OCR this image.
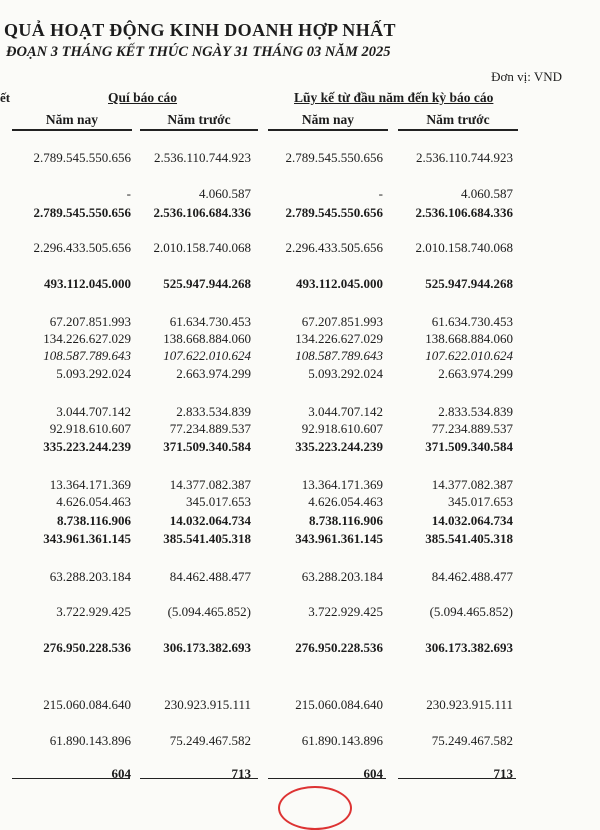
QUẢ HOẠT ĐỘNG KINH DOANH HỢP NHẤT
ĐOẠN 3 THÁNG KẾT THÚC NGÀY 31 THÁNG 03 NĂM 2025
Đơn vị: VND
ết	Quí báo cáo	Lũy kế từ đầu năm đến kỳ báo cáo
Năm nay	Năm trước	Năm nay	Năm trước
2.789.545.550.656 2.536.110.744.923	2.789.545.550.656	2.536.110.744.923
-	4.060.587	-	4.060.587
2.789.545.550.656 2.536.106.684.336	2.789.545.550.656	2.536.106.684.336
2.296.433.505.656 2.010.158.740.068	2.296.433.505.656	2.010.158.740.068
493.112.045.000 525.947.944.268	493.112.045.000	525.947.944.268
67.207.851.993	61.634.730.453	67.207.851.993	61.634.730.453
134.226.627.029 138.668.884.060	134.226.627.029	138.668.884.060
108.587.789.643 107.622.010.624	108.587.789.643	107.622.010.624
5.093.292.024	2.663.974.299	5.093.292.024	2.663.974.299
3.044.707.142	2.833.534.839	3.044.707.142	2.833.534.839
92.918.610.607	77.234.889.537	92.918.610.607	77.234.889.537
335.223.244.239 371.509.340.584	335.223.244.239	371.509.340.584
13.364.171.369	14.377.082.387	13.364.171.369	14.377.082.387
4.626.054.463	345.017.653	4.626.054.463	345.017.653
8.738.116.906	14.032.064.734	8.738.116.906	14.032.064.734
343.961.361.145 385.541.405.318	343.961.361.145	385.541.405.318
63.288.203.184	84.462.488.477	63.288.203.184	84.462.488.477
3.722.929.425	(5.094.465.852)	3.722.929.425	(5.094.465.852)
276.950.228.536 306.173.382.693	276.950.228.536	306.173.382.693
215.060.084.640	230.923.915.111	215.060.084.640	230.923.915.111
61.890.143.896	75.249.467.582	61.890.143.896	75.249.467.582
604	713	604	713
